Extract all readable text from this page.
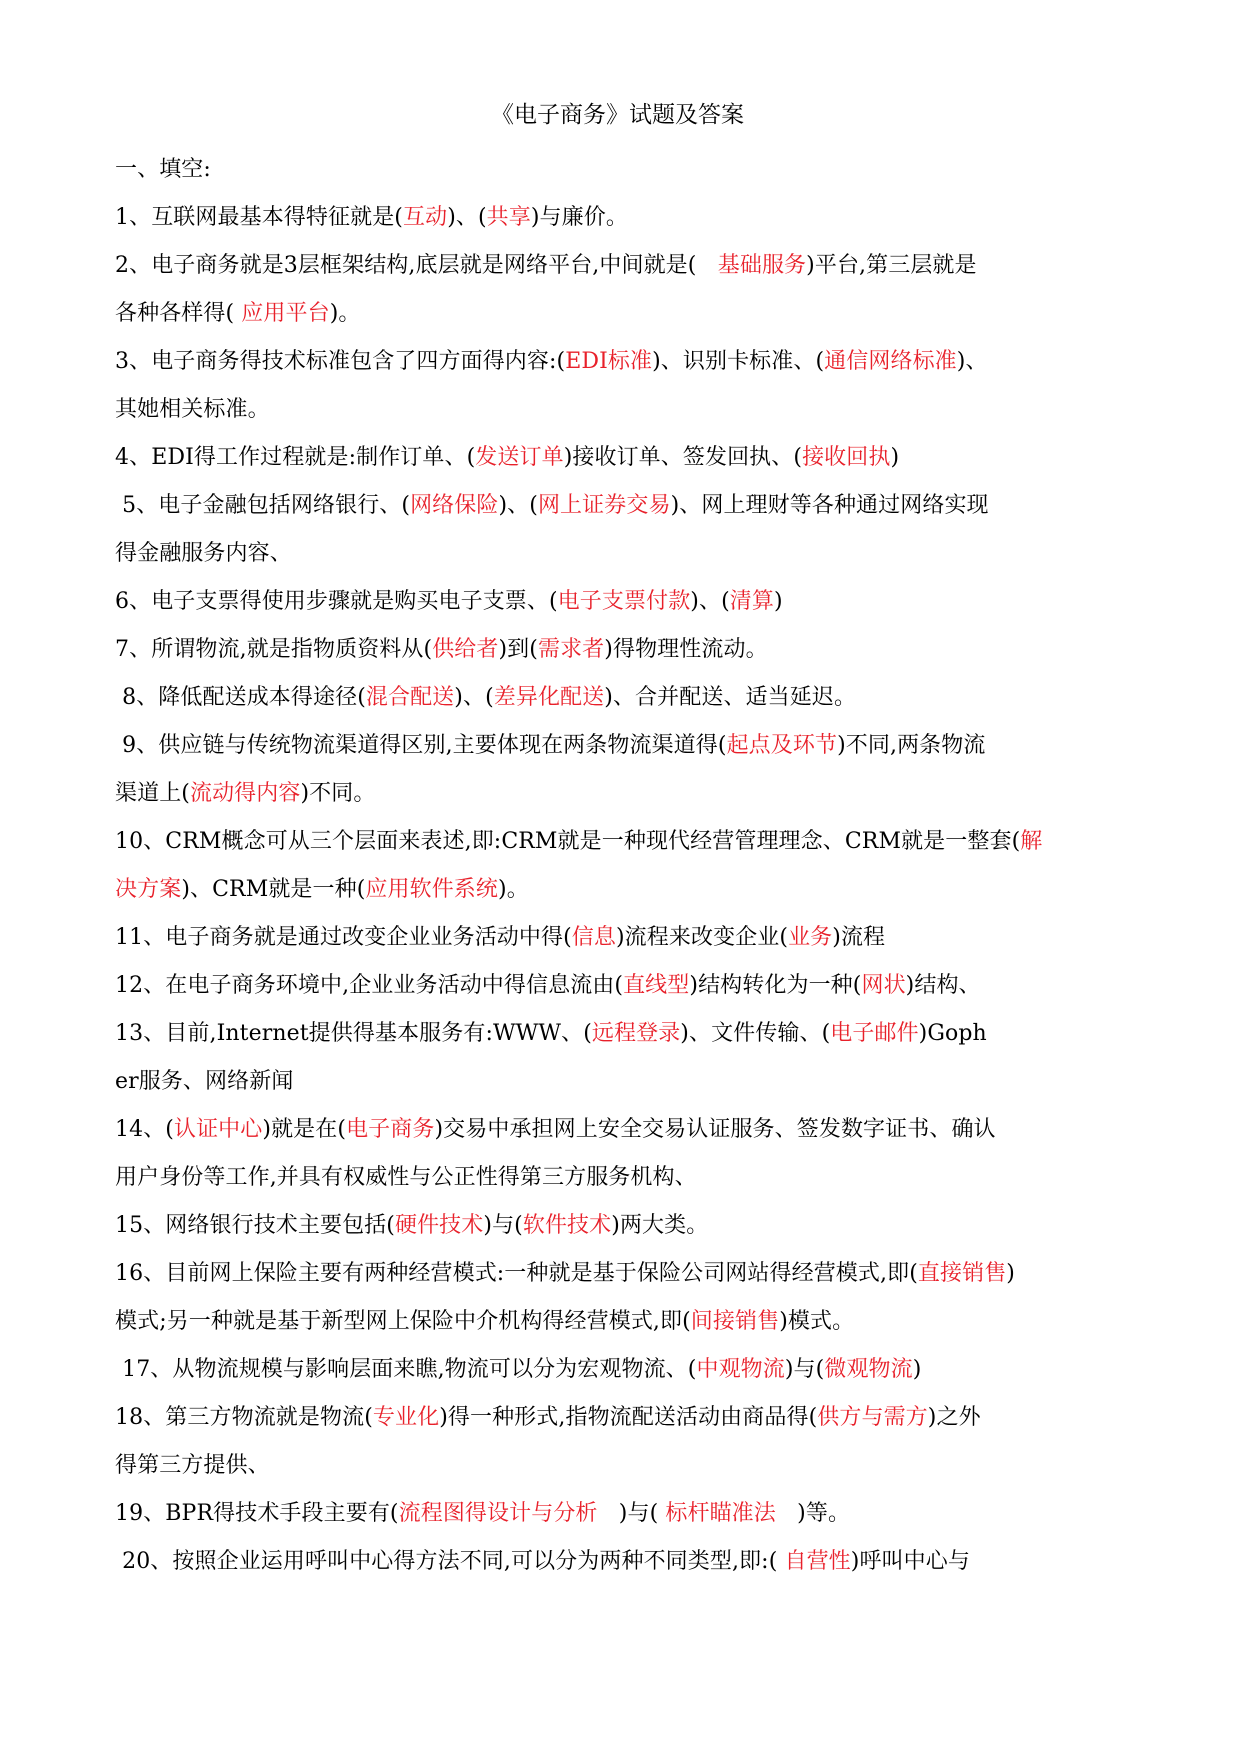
《电子商务》试题及答案
一、填空:
1、互联网最基本得特征就是(互动)、(共享)与廉价。
2、电子商务就是3层框架结构,底层就是网络平台,中间就是(   基础服务)平台,第三层就是
各种各样得( 应用平台)。
3、电子商务得技术标准包含了四方面得内容:(EDI标准)、识别卡标准、(通信网络标准)、
其她相关标准。
4、EDI得工作过程就是:制作订单、(发送订单)接收订单、签发回执、(接收回执)
5、电子金融包括网络银行、(网络保险)、(网上证券交易)、网上理财等各种通过网络实现
得金融服务内容、
6、电子支票得使用步骤就是购买电子支票、(电子支票付款)、(清算)
7、所谓物流,就是指物质资料从(供给者)到(需求者)得物理性流动。
8、降低配送成本得途径(混合配送)、(差异化配送)、合并配送、适当延迟。
9、供应链与传统物流渠道得区别,主要体现在两条物流渠道得(起点及环节)不同,两条物流
渠道上(流动得内容)不同。
10、CRM概念可从三个层面来表述,即:CRM就是一种现代经营管理理念、CRM就是一整套(解
决方案)、CRM就是一种(应用软件系统)。
11、电子商务就是通过改变企业业务活动中得(信息)流程来改变企业(业务)流程
12、在电子商务环境中,企业业务活动中得信息流由(直线型)结构转化为一种(网状)结构、
13、目前,Internet提供得基本服务有:WWW、(远程登录)、文件传输、(电子邮件)Goph
er服务、网络新闻
14、(认证中心)就是在(电子商务)交易中承担网上安全交易认证服务、签发数字证书、确认
用户身份等工作,并具有权威性与公正性得第三方服务机构、
15、网络银行技术主要包括(硬件技术)与(软件技术)两大类。
16、目前网上保险主要有两种经营模式:一种就是基于保险公司网站得经营模式,即(直接销售)
模式;另一种就是基于新型网上保险中介机构得经营模式,即(间接销售)模式。
17、从物流规模与影响层面来瞧,物流可以分为宏观物流、(中观物流)与(微观物流)
18、第三方物流就是物流(专业化)得一种形式,指物流配送活动由商品得(供方与需方)之外
得第三方提供、
19、BPR得技术手段主要有(流程图得设计与分析   )与( 标杆瞄准法   )等。
20、按照企业运用呼叫中心得方法不同,可以分为两种不同类型,即:( 自营性)呼叫中心与
